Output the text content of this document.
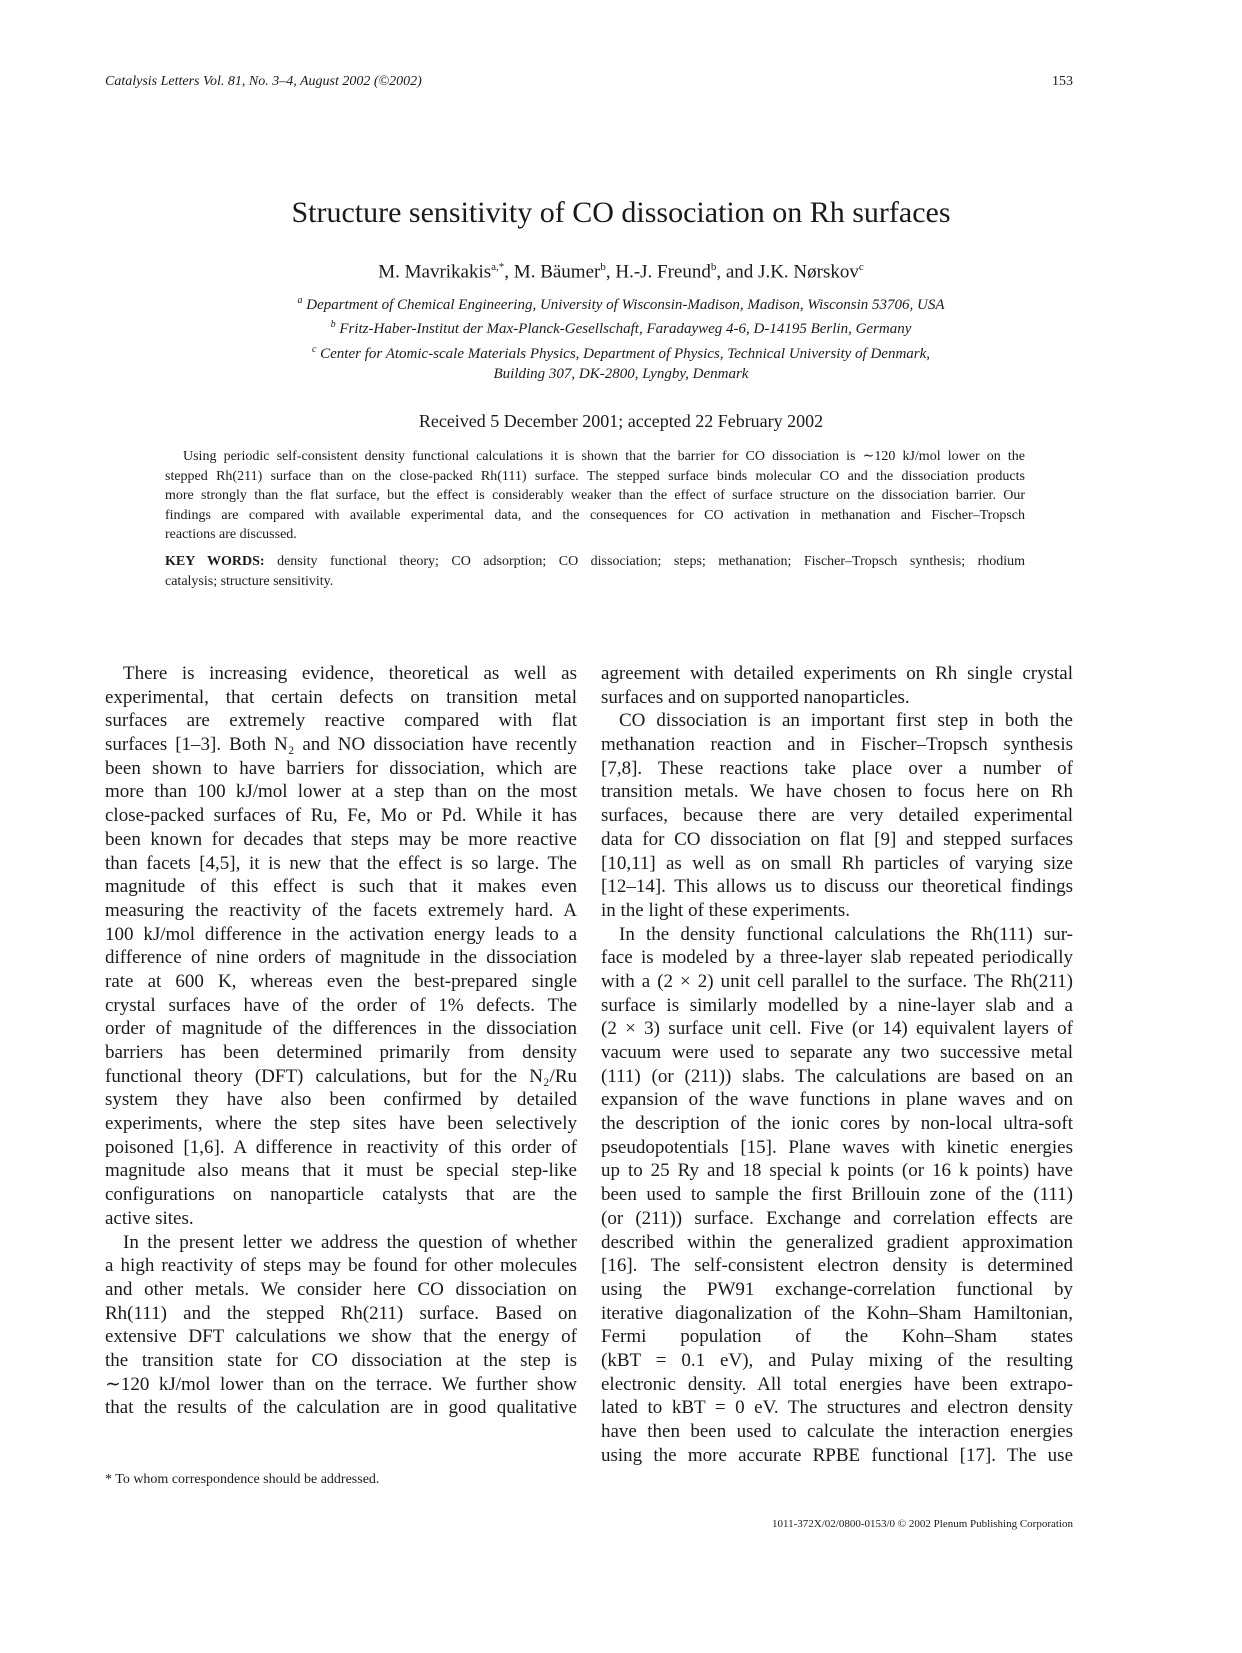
Catalysis Letters Vol. 81, No. 3–4, August 2002 (©2002)	153
Structure sensitivity of CO dissociation on Rh surfaces
M. Mavrikakis$^{a,*}$, M. Bäumer$^b$, H.-J. Freund$^b$, and J.K. Nørskov$^c$
$^a$ Department of Chemical Engineering, University of Wisconsin-Madison, Madison, Wisconsin 53706, USA
$^b$ Fritz-Haber-Institut der Max-Planck-Gesellschaft, Faradayweg 4-6, D-14195 Berlin, Germany
$^c$ Center for Atomic-scale Materials Physics, Department of Physics, Technical University of Denmark,
Building 307, DK-2800, Lyngby, Denmark
Received 5 December 2001; accepted 22 February 2002
Using periodic self-consistent density functional calculations it is shown that the barrier for CO dissociation is ∼120 kJ/mol lower on the
stepped Rh(211) surface than on the close-packed Rh(111) surface. The stepped surface binds molecular CO and the dissociation products
more strongly than the flat surface, but the effect is considerably weaker than the effect of surface structure on the dissociation barrier. Our
findings are compared with available experimental data, and the consequences for CO activation in methanation and Fischer–Tropsch
reactions are discussed.
KEY WORDS: density functional theory; CO adsorption; CO dissociation; steps; methanation; Fischer–Tropsch synthesis; rhodium
catalysis; structure sensitivity.
There is increasing evidence, theoretical as well as
experimental, that certain defects on transition metal
surfaces are extremely reactive compared with flat
surfaces [1–3]. Both N₂ and NO dissociation have recently
been shown to have barriers for dissociation, which are
more than 100 kJ/mol lower at a step than on the most
close-packed surfaces of Ru, Fe, Mo or Pd. While it has
been known for decades that steps may be more reactive
than facets [4,5], it is new that the effect is so large. The
magnitude of this effect is such that it makes even
measuring the reactivity of the facets extremely hard. A
100 kJ/mol difference in the activation energy leads to a
difference of nine orders of magnitude in the dissociation
rate at 600 K, whereas even the best-prepared single
crystal surfaces have of the order of 1% defects. The
order of magnitude of the differences in the dissociation
barriers has been determined primarily from density
functional theory (DFT) calculations, but for the N₂/Ru
system they have also been confirmed by detailed
experiments, where the step sites have been selectively
poisoned [1,6]. A difference in reactivity of this order of
magnitude also means that it must be special step-like
configurations on nanoparticle catalysts that are the
active sites.
In the present letter we address the question of whether
a high reactivity of steps may be found for other molecules
and other metals. We consider here CO dissociation on
Rh(111) and the stepped Rh(211) surface. Based on
extensive DFT calculations we show that the energy of
the transition state for CO dissociation at the step is
∼120 kJ/mol lower than on the terrace. We further show
that the results of the calculation are in good qualitative
agreement with detailed experiments on Rh single crystal
surfaces and on supported nanoparticles.
CO dissociation is an important first step in both the
methanation reaction and in Fischer–Tropsch synthesis
[7,8]. These reactions take place over a number of
transition metals. We have chosen to focus here on Rh
surfaces, because there are very detailed experimental
data for CO dissociation on flat [9] and stepped surfaces
[10,11] as well as on small Rh particles of varying size
[12–14]. This allows us to discuss our theoretical findings
in the light of these experiments.
In the density functional calculations the Rh(111) sur-
face is modeled by a three-layer slab repeated periodically
with a (2 × 2) unit cell parallel to the surface. The Rh(211)
surface is similarly modelled by a nine-layer slab and a
(2 × 3) surface unit cell. Five (or 14) equivalent layers of
vacuum were used to separate any two successive metal
(111) (or (211)) slabs. The calculations are based on an
expansion of the wave functions in plane waves and on
the description of the ionic cores by non-local ultra-soft
pseudopotentials [15]. Plane waves with kinetic energies
up to 25 Ry and 18 special k points (or 16 k points) have
been used to sample the first Brillouin zone of the (111)
(or (211)) surface. Exchange and correlation effects are
described within the generalized gradient approximation
[16]. The self-consistent electron density is determined
using the PW91 exchange-correlation functional by
iterative diagonalization of the Kohn–Sham Hamiltonian,
Fermi population of the Kohn–Sham states
(kBT = 0.1 eV), and Pulay mixing of the resulting
electronic density. All total energies have been extrapo-
lated to kBT = 0 eV. The structures and electron density
have then been used to calculate the interaction energies
using the more accurate RPBE functional [17]. The use
* To whom correspondence should be addressed.
1011-372X/02/0800-0153/0 © 2002 Plenum Publishing Corporation
